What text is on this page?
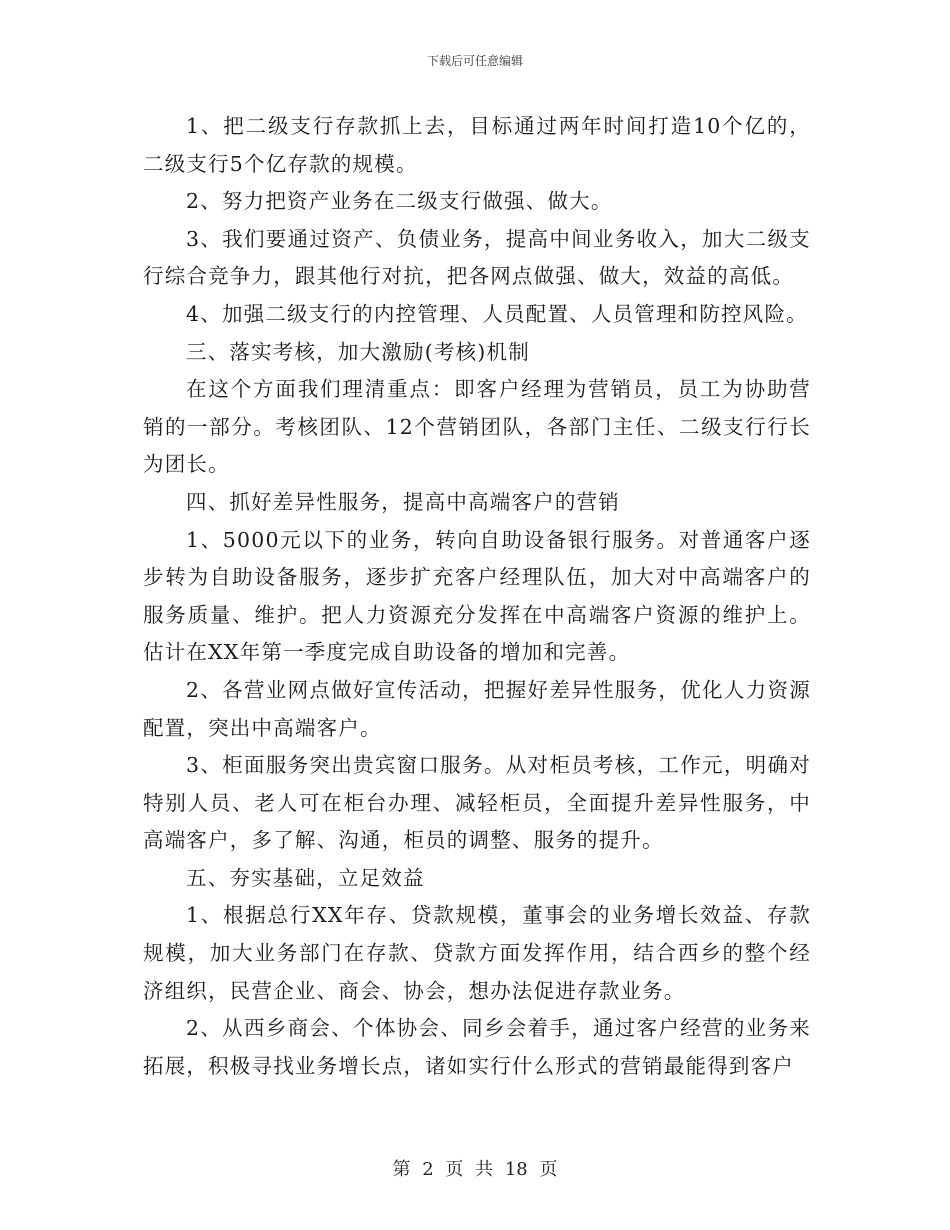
下载后可任意编辑

1、把二级支行存款抓上去，目标通过两年时间打造10个亿的，二级支行5个亿存款的规模。

2、努力把资产业务在二级支行做强、做大。

3、我们要通过资产、负债业务，提高中间业务收入，加大二级支行综合竞争力，跟其他行对抗，把各网点做强、做大，效益的高低。

4、加强二级支行的内控管理、人员配置、人员管理和防控风险。

三、落实考核，加大激励(考核)机制

在这个方面我们理清重点：即客户经理为营销员，员工为协助营销的一部分。考核团队、12个营销团队，各部门主任、二级支行行长为团长。

四、抓好差异性服务，提高中高端客户的营销

1、5000元以下的业务，转向自助设备银行服务。对普通客户逐步转为自助设备服务，逐步扩充客户经理队伍，加大对中高端客户的服务质量、维护。把人力资源充分发挥在中高端客户资源的维护上。估计在XX年第一季度完成自助设备的增加和完善。

2、各营业网点做好宣传活动，把握好差异性服务，优化人力资源配置，突出中高端客户。

3、柜面服务突出贵宾窗口服务。从对柜员考核，工作元，明确对特别人员、老人可在柜台办理、减轻柜员，全面提升差异性服务，中高端客户，多了解、沟通，柜员的调整、服务的提升。

五、夯实基础，立足效益

1、根据总行XX年存、贷款规模，董事会的业务增长效益、存款规模，加大业务部门在存款、贷款方面发挥作用，结合西乡的整个经济组织，民营企业、商会、协会，想办法促进存款业务。

2、从西乡商会、个体协会、同乡会着手，通过客户经营的业务来拓展，积极寻找业务增长点，诸如实行什么形式的营销最能得到客户

第 2 页 共 18 页
